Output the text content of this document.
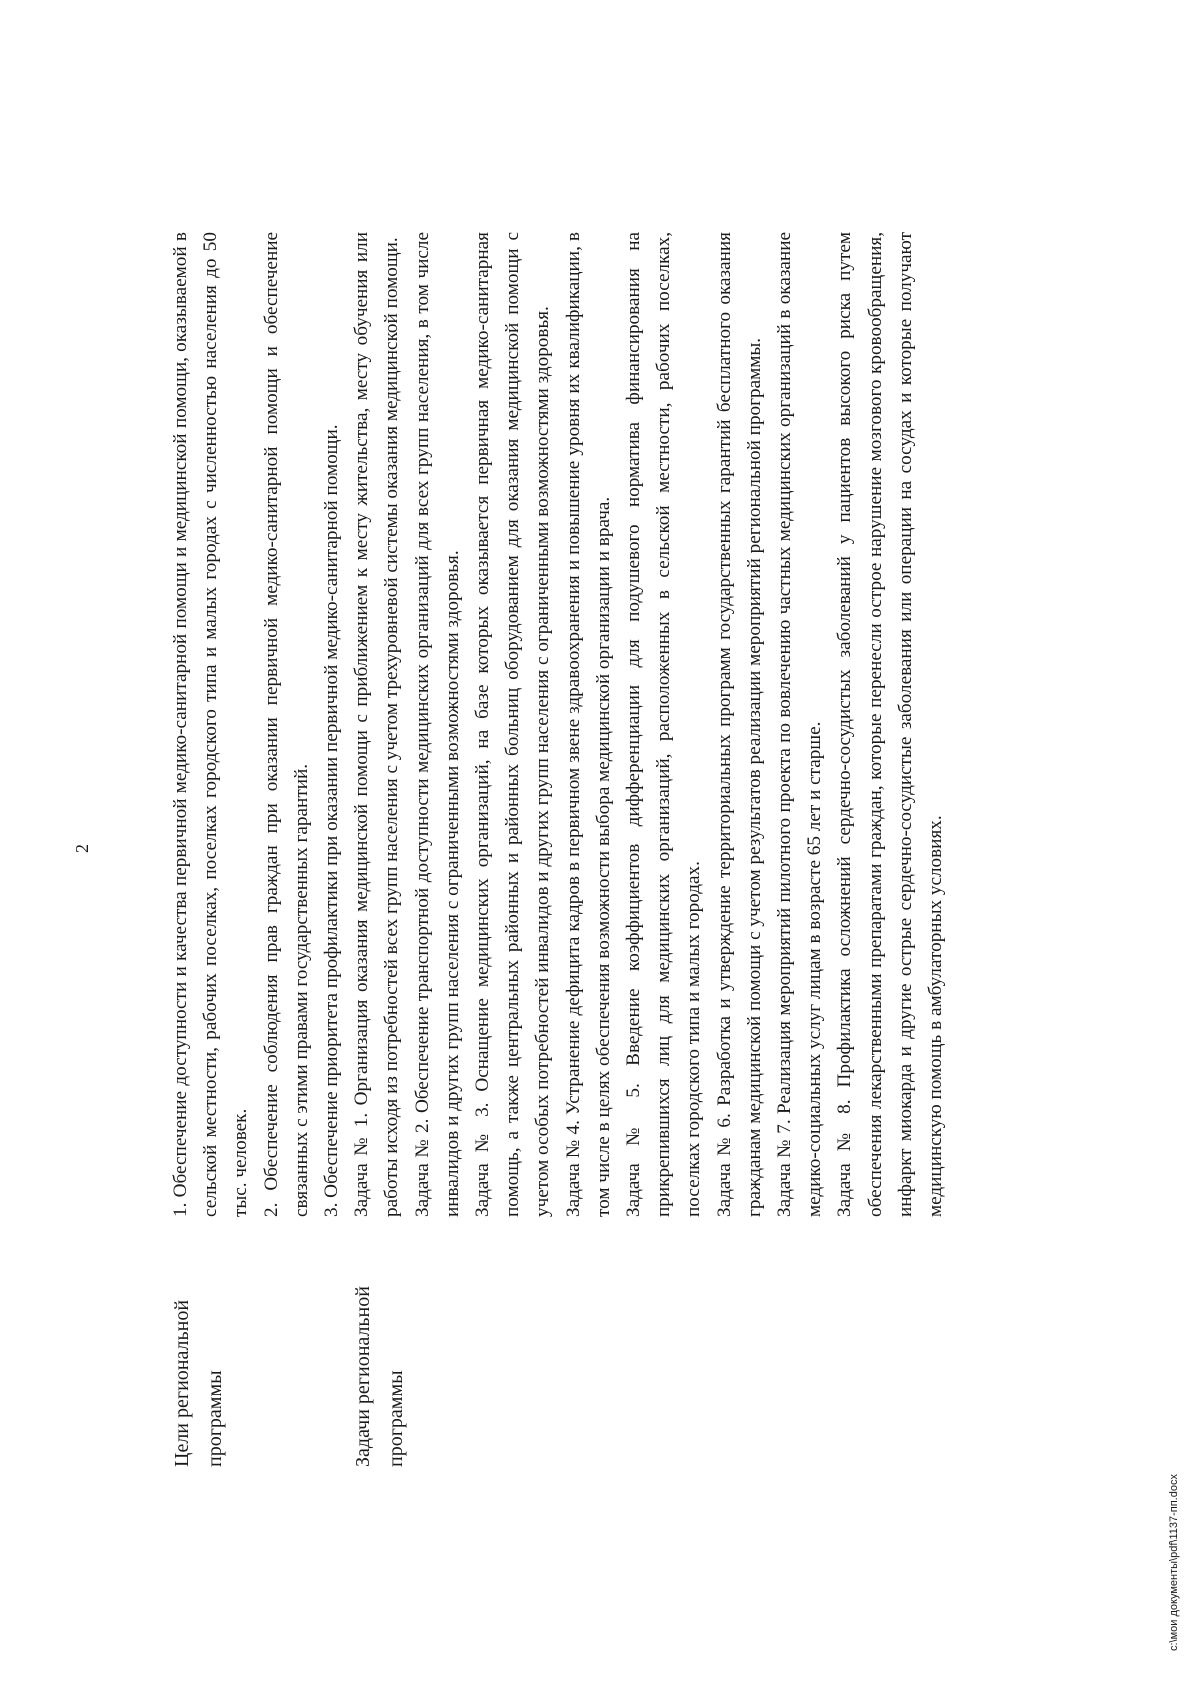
2
Цели региональной
программы	Задачи региональной
программы

1. Обеспечение доступности и качества первичной медико-санитарной помощи и медицинской помощи, оказываемой в сельской местности, рабочих поселках, поселках городского типа и малых городах с численностью населения до 50 тыс. человек. 2. Обеспечение соблюдения прав граждан при оказании первичной медико-санитарной помощи и обеспечение связанных с этими правами государственных гарантий. 3. Обеспечение приоритета профилактики при оказании первичной медико-санитарной помощи. Задача № 1. Организация оказания медицинской помощи с приближением к месту жительства, месту обучения или работы исходя из потребностей всех групп населения с учетом трехуровневой системы оказания медицинской помощи. Задача № 2. Обеспечение транспортной доступности медицинских организаций для всех групп населения, в том числе инвалидов и других групп населения с ограниченными возможностями здоровья. Задача № 3. Оснащение медицинских организаций, на базе которых оказывается первичная медико-санитарная помощь, а также центральных районных и районных больниц оборудованием для оказания медицинской помощи с учетом особых потребностей инвалидов и других групп населения с ограниченными возможностями здоровья. Задача № 4. Устранение дефицита кадров в первичном звене здравоохранения и повышение уровня их квалификации, в том числе в целях обеспечения возможности выбора медицинской организации и врача. Задача № 5. Введение коэффициентов дифференциации для подушевого норматива финансирования на прикрепившихся лиц для медицинских организаций, расположенных в сельской местности, рабочих поселках, поселках городского типа и малых городах. Задача № 6. Разработка и утверждение территориальных программ государственных гарантий бесплатного оказания гражданам медицинской помощи с учетом результатов реализации мероприятий региональной программы. Задача № 7. Реализация мероприятий пилотного проекта по вовлечению частных медицинских организаций в оказание медико-социальных услуг лицам в возрасте 65 лет и старше. Задача № 8. Профилактика осложнений сердечно-сосудистых заболеваний у пациентов высокого риска путем обеспечения лекарственными препаратами граждан, которые перенесли острое нарушение мозгового кровообращения, инфаркт миокарда и другие острые сердечно-сосудистые заболевания или операции на сосудах и которые получают медицинскую помощь в амбулаторных условиях.

c:\мои документы\pdf\1137-пп.docx
